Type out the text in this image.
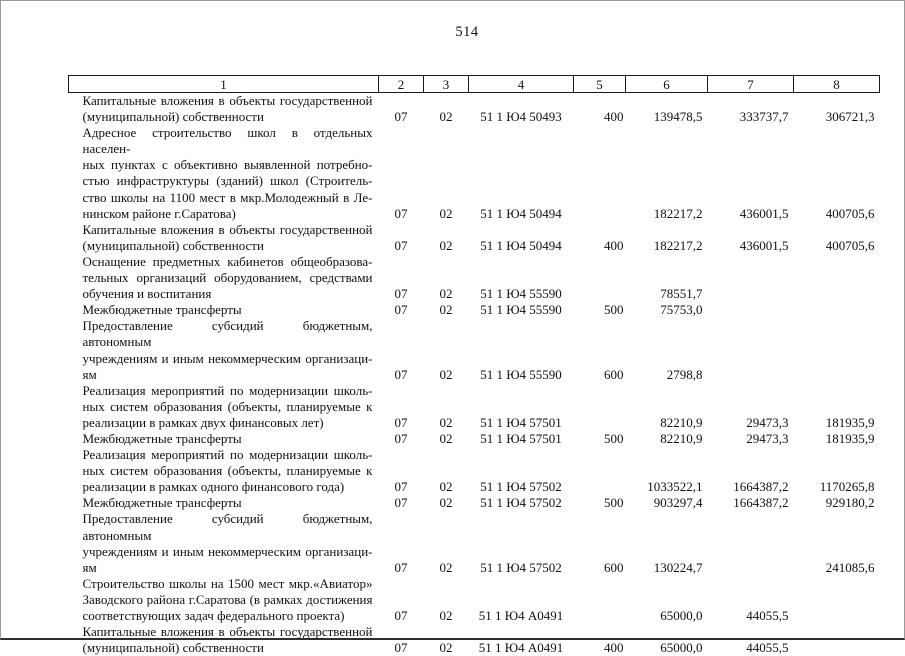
514
1	2	3	4	5	6	7	8

Капитальные вложения в объекты государственной
(муниципальной) собственности	07	02	51 1 Ю4 50493	400	139478,5	333737,7	306721,3

Адресное строительство школ в отдельных населен-
ных пунктах с объективно выявленной потребно-
стью инфраструктуры (зданий) школ (Строитель-
ство школы на 1100 мест в мкр.Молодежный в Ле-
нинском районе г.Саратова)	07	02	51 1 Ю4 50494		182217,2	436001,5	400705,6

Капитальные вложения в объекты государственной
(муниципальной) собственности	07	02	51 1 Ю4 50494	400	182217,2	436001,5	400705,6

Оснащение предметных кабинетов общеобразова-
тельных организаций оборудованием, средствами
обучения и воспитания	07	02	51 1 Ю4 55590		78551,7		

Межбюджетные трансферты	07	02	51 1 Ю4 55590	500	75753,0		

Предоставление субсидий бюджетным, автономным
учреждениям и иным некоммерческим организаци-
ям	07	02	51 1 Ю4 55590	600	2798,8		

Реализация мероприятий по модернизации школь-
ных систем образования (объекты, планируемые к
реализации в рамках двух финансовых лет)	07	02	51 1 Ю4 57501		82210,9	29473,3	181935,9

Межбюджетные трансферты	07	02	51 1 Ю4 57501	500	82210,9	29473,3	181935,9

Реализация мероприятий по модернизации школь-
ных систем образования (объекты, планируемые к
реализации в рамках одного финансового года)	07	02	51 1 Ю4 57502		1033522,1	1664387,2	1170265,8

Межбюджетные трансферты	07	02	51 1 Ю4 57502	500	903297,4	1664387,2	929180,2

Предоставление субсидий бюджетным, автономным
учреждениям и иным некоммерческим организаци-
ям	07	02	51 1 Ю4 57502	600	130224,7		241085,6

Строительство школы на 1500 мест мкр.«Авиатор»
Заводского района г.Саратова (в рамках достижения
соответствующих задач федерального проекта)	07	02	51 1 Ю4 А0491		65000,0	44055,5	

Капитальные вложения в объекты государственной
(муниципальной) собственности	07	02	51 1 Ю4 А0491	400	65000,0	44055,5	
